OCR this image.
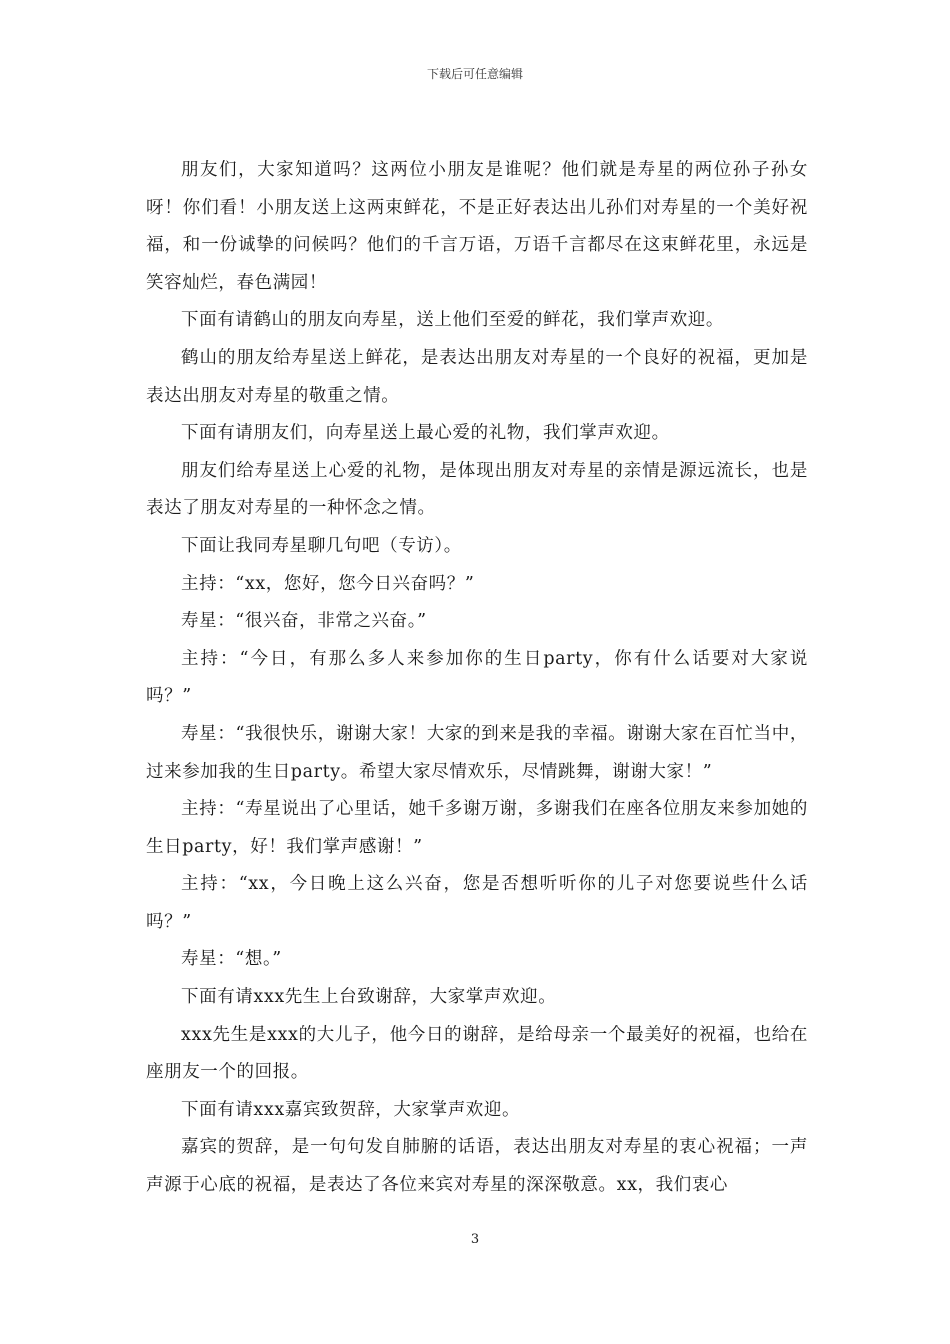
下载后可任意编辑

朋友们，大家知道吗？这两位小朋友是谁呢？他们就是寿星的两位孙子孙女呀！你们看！小朋友送上这两束鲜花，不是正好表达出儿孙们对寿星的一个美好祝福，和一份诚挚的问候吗？他们的千言万语，万语千言都尽在这束鲜花里，永远是笑容灿烂，春色满园！

下面有请鹤山的朋友向寿星，送上他们至爱的鲜花，我们掌声欢迎。

鹤山的朋友给寿星送上鲜花，是表达出朋友对寿星的一个良好的祝福，更加是表达出朋友对寿星的敬重之情。

下面有请朋友们，向寿星送上最心爱的礼物，我们掌声欢迎。

朋友们给寿星送上心爱的礼物，是体现出朋友对寿星的亲情是源远流长，也是表达了朋友对寿星的一种怀念之情。

下面让我同寿星聊几句吧（专访）。

主持：“xx，您好，您今日兴奋吗？”

寿星：“很兴奋，非常之兴奋。”

主持：“今日，有那么多人来参加你的生日party，你有什么话要对大家说吗？”

寿星：“我很快乐，谢谢大家！大家的到来是我的幸福。谢谢大家在百忙当中，过来参加我的生日party。希望大家尽情欢乐，尽情跳舞，谢谢大家！”

主持：“寿星说出了心里话，她千多谢万谢，多谢我们在座各位朋友来参加她的生日party，好！我们掌声感谢！”

主持：“xx，今日晚上这么兴奋，您是否想听听你的儿子对您要说些什么话吗？”

寿星：“想。”

下面有请xxx先生上台致谢辞，大家掌声欢迎。

xxx先生是xxx的大儿子，他今日的谢辞，是给母亲一个最美好的祝福，也给在座朋友一个的回报。

下面有请xxx嘉宾致贺辞，大家掌声欢迎。

嘉宾的贺辞，是一句句发自肺腑的话语，表达出朋友对寿星的衷心祝福；一声声源于心底的祝福，是表达了各位来宾对寿星的深深敬意。xx，我们衷心

3
